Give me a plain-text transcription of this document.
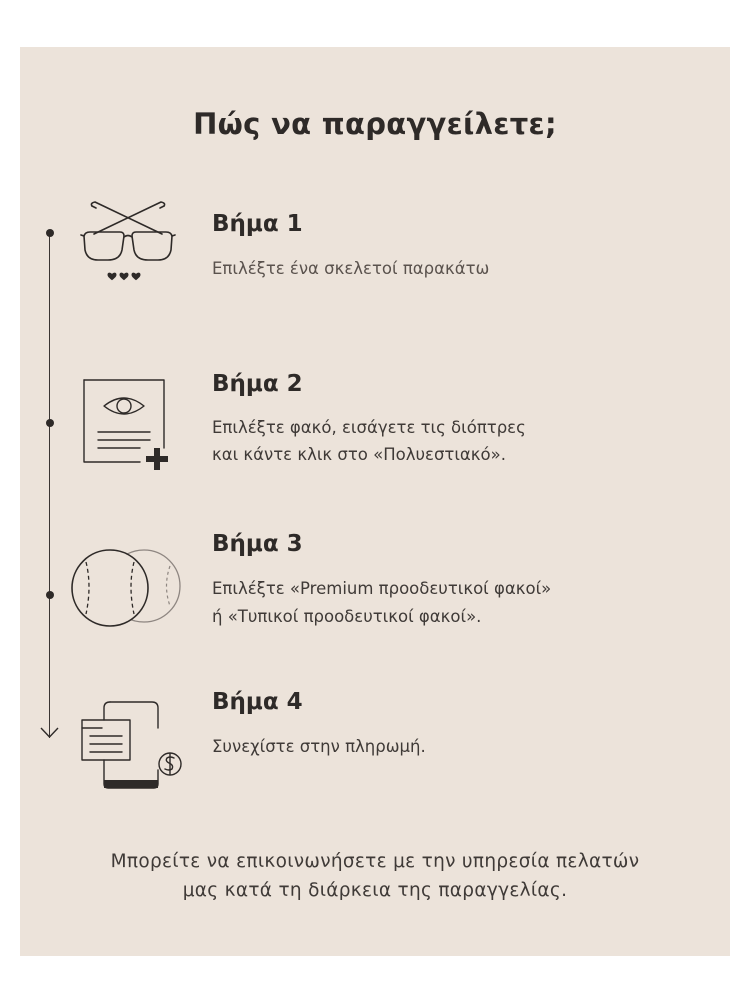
Πώς να παραγγείλετε;
Βήμα 1
Επιλέξτε ένα σκελετοί παρακάτω
Βήμα 2
Επιλέξτε φακό, εισάγετε τις διόπτρες
και κάντε κλικ στο «Πολυεστιακό».
Βήμα 3
Επιλέξτε «Premium προοδευτικοί φακοί»
ή «Τυπικοί προοδευτικοί φακοί».
Βήμα 4
Συνεχίστε στην πληρωμή.
Μπορείτε να επικοινωνήσετε με την υπηρεσία πελατών
μας κατά τη διάρκεια της παραγγελίας.
